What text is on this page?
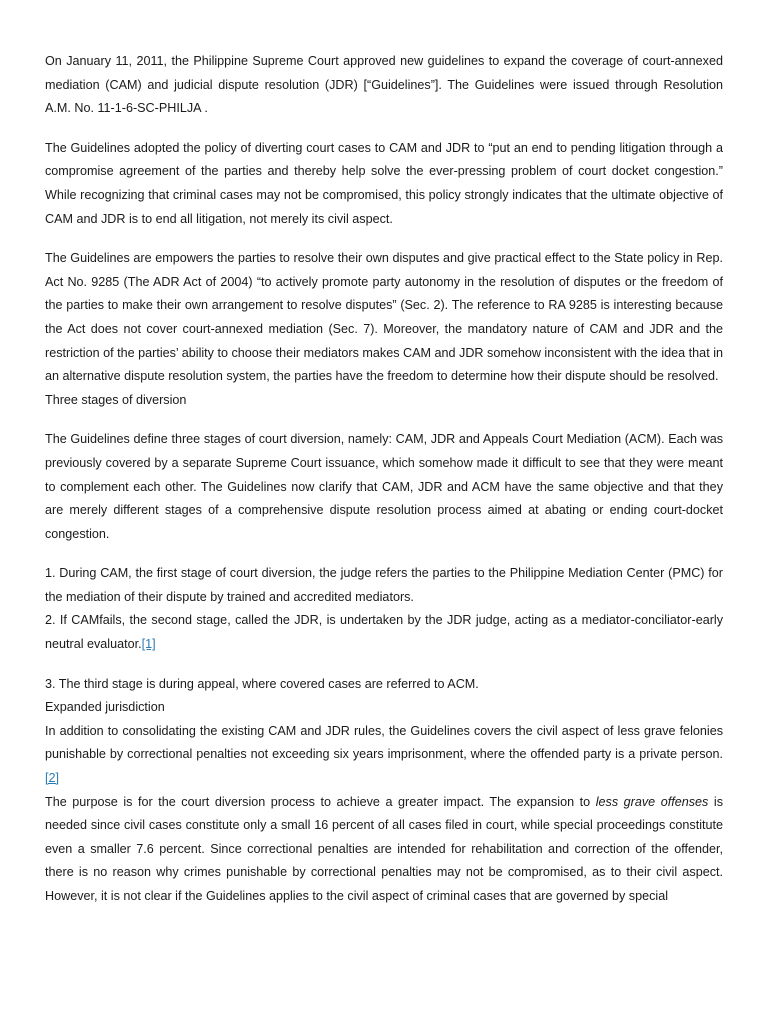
On January 11, 2011, the Philippine Supreme Court approved new guidelines to expand the coverage of court-annexed mediation (CAM) and judicial dispute resolution (JDR) [“Guidelines”]. The Guidelines were issued through Resolution A.M. No. 11-1-6-SC-PHILJA .

The Guidelines adopted the policy of diverting court cases to CAM and JDR to “put an end to pending litigation through a compromise agreement of the parties and thereby help solve the ever-pressing problem of court docket congestion.” While recognizing that criminal cases may not be compromised, this policy strongly indicates that the ultimate objective of CAM and JDR is to end all litigation, not merely its civil aspect.

The Guidelines are empowers the parties to resolve their own disputes and give practical effect to the State policy in Rep. Act No. 9285 (The ADR Act of 2004) “to actively promote party autonomy in the resolution of disputes or the freedom of the parties to make their own arrangement to resolve disputes” (Sec. 2). The reference to RA 9285 is interesting because the Act does not cover court-annexed mediation (Sec. 7). Moreover, the mandatory nature of CAM and JDR and the restriction of the parties’ ability to choose their mediators makes CAM and JDR somehow inconsistent with the idea that in an alternative dispute resolution system, the parties have the freedom to determine how their dispute should be resolved.

Three stages of diversion

The Guidelines define three stages of court diversion, namely: CAM, JDR and Appeals Court Mediation (ACM). Each was previously covered by a separate Supreme Court issuance, which somehow made it difficult to see that they were meant to complement each other. The Guidelines now clarify that CAM, JDR and ACM have the same objective and that they are merely different stages of a comprehensive dispute resolution process aimed at abating or ending court-docket congestion.

1. During CAM, the first stage of court diversion, the judge refers the parties to the Philippine Mediation Center (PMC) for the mediation of their dispute by trained and accredited mediators.

2. If CAMfails, the second stage, called the JDR, is undertaken by the JDR judge, acting as a mediator-conciliator-early neutral evaluator.[1]

3. The third stage is during appeal, where covered cases are referred to ACM.

Expanded jurisdiction

In addition to consolidating the existing CAM and JDR rules, the Guidelines covers the civil aspect of less grave felonies punishable by correctional penalties not exceeding six years imprisonment, where the offended party is a private person.[2]

The purpose is for the court diversion process to achieve a greater impact. The expansion to less grave offenses is needed since civil cases constitute only a small 16 percent of all cases filed in court, while special proceedings constitute even a smaller 7.6 percent. Since correctional penalties are intended for rehabilitation and correction of the offender, there is no reason why crimes punishable by correctional penalties may not be compromised, as to their civil aspect. However, it is not clear if the Guidelines applies to the civil aspect of criminal cases that are governed by special
